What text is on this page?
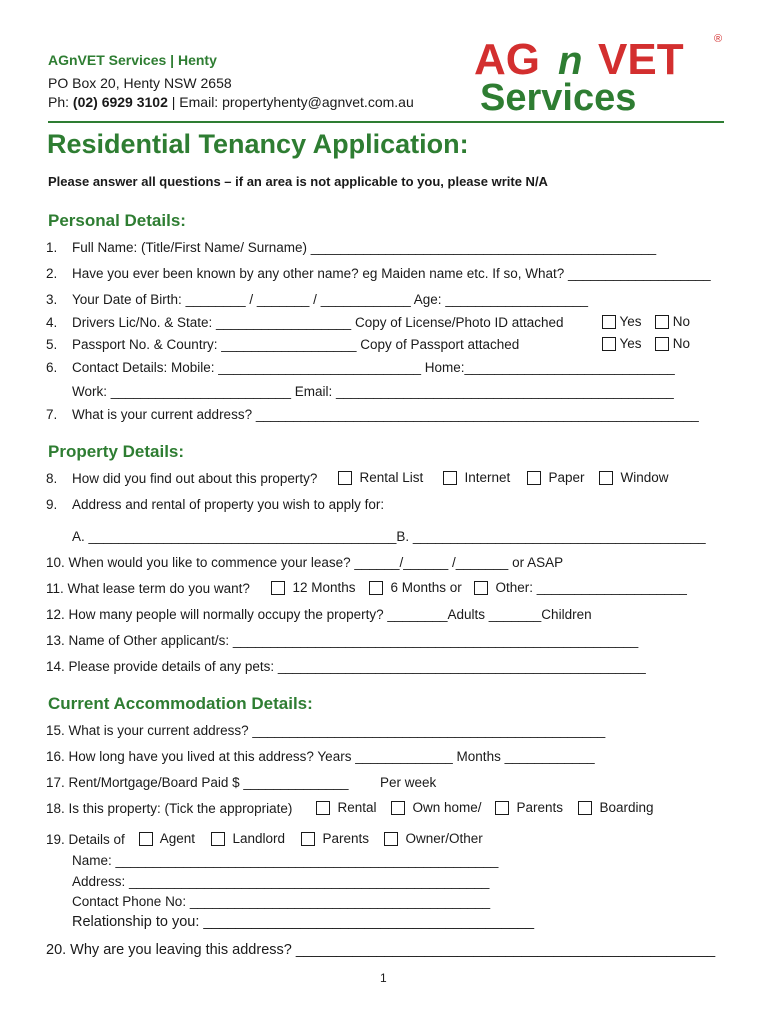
AGnVET Services | Henty
PO Box 20, Henty NSW 2658
Ph: (02) 6929 3102 | Email: propertyhenty@agnvet.com.au
AG n VET
Services
®
Residential Tenancy Application:
Please answer all questions – if an area is not applicable to you, please write N/A
Personal Details:
1. Full Name: (Title/First Name/ Surname) ______________________________________________
2. Have you ever been known by any other name? eg Maiden name etc. If so, What? ___________________
3. Your Date of Birth: ________ / _______ / ____________ Age: ___________________
4. Drivers Lic/No. & State: __________________ Copy of License/Photo ID attached	Yes	No
5. Passport No. & Country: __________________ Copy of Passport attached	Yes	No
6. Contact Details: Mobile: ___________________________ Home:____________________________
Work: ________________________ Email: _____________________________________________
7. What is your current address? ___________________________________________________________
Property Details:
8. How did you find out about this property?	Rental List	Internet	Paper	Window
9. Address and rental of property you wish to apply for:
A. _________________________________________B. _______________________________________
10. When would you like to commence your lease? ______/______ /_______ or ASAP
11. What lease term do you want?	12 Months	6 Months or	Other: ____________________
12. How many people will normally occupy the property? ________Adults _______Children
13. Name of Other applicant/s: ______________________________________________________
14. Please provide details of any pets: _________________________________________________
Current Accommodation Details:
15. What is your current address? _______________________________________________
16. How long have you lived at this address? Years _____________ Months ____________
17. Rent/Mortgage/Board Paid $ ______________ Per week
18. Is this property: (Tick the appropriate)	Rental	Own home/	Parents	Boarding
19. Details of	Agent	Landlord	Parents	Owner/Other
Name: ___________________________________________________
Address: ________________________________________________
Contact Phone No: ________________________________________
Relationship to you: _________________________________________
20. Why are you leaving this address? ____________________________________________________
1
